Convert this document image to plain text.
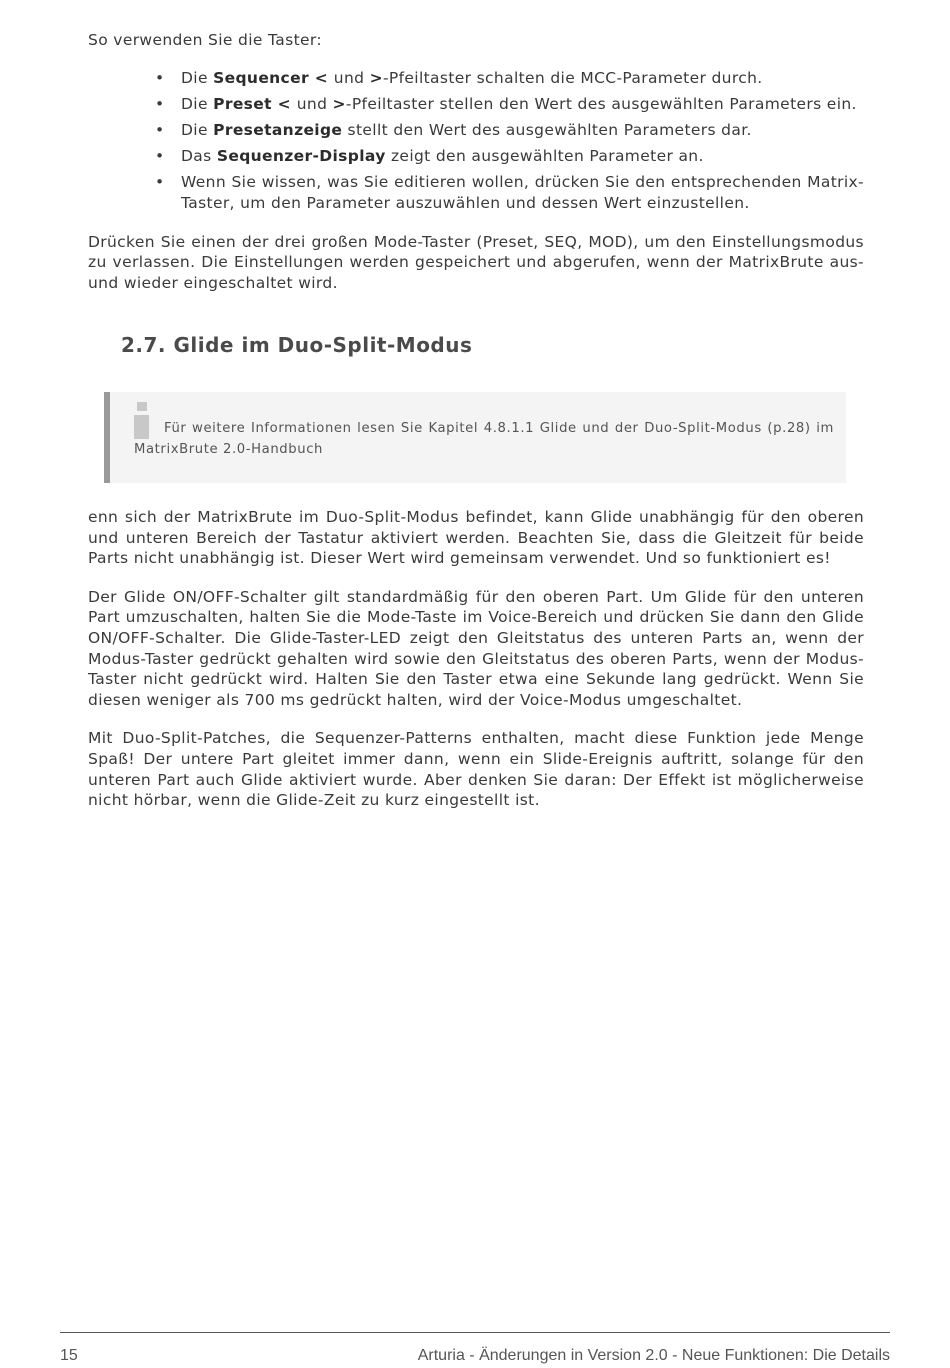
So verwenden Sie die Taster:
• Die Sequencer < und >-Pfeiltaster schalten die MCC-Parameter durch.
• Die Preset < und >-Pfeiltaster stellen den Wert des ausgewählten Parameters ein.
• Die Presetanzeige stellt den Wert des ausgewählten Parameters dar.
• Das Sequenzer-Display zeigt den ausgewählten Parameter an.
• Wenn Sie wissen, was Sie editieren wollen, drücken Sie den entsprechenden Matrix-Taster, um den Parameter auszuwählen und dessen Wert einzustellen.

Drücken Sie einen der drei großen Mode-Taster (Preset, SEQ, MOD), um den Einstellungsmodus zu verlassen. Die Einstellungen werden gespeichert und abgerufen, wenn der MatrixBrute aus- und wieder eingeschaltet wird.

2.7. Glide im Duo-Split-Modus
Für weitere Informationen lesen Sie Kapitel 4.8.1.1 Glide und der Duo-Split-Modus (p.28) im MatrixBrute 2.0-Handbuch

enn sich der MatrixBrute im Duo-Split-Modus befindet, kann Glide unabhängig für den oberen und unteren Bereich der Tastatur aktiviert werden. Beachten Sie, dass die Gleitzeit für beide Parts nicht unabhängig ist. Dieser Wert wird gemeinsam verwendet. Und so funktioniert es!

Der Glide ON/OFF-Schalter gilt standardmäßig für den oberen Part. Um Glide für den unteren Part umzuschalten, halten Sie die Mode-Taste im Voice-Bereich und drücken Sie dann den Glide ON/OFF-Schalter. Die Glide-Taster-LED zeigt den Gleitstatus des unteren Parts an, wenn der Modus-Taster gedrückt gehalten wird sowie den Gleitstatus des oberen Parts, wenn der Modus-Taster nicht gedrückt wird. Halten Sie den Taster etwa eine Sekunde lang gedrückt. Wenn Sie diesen weniger als 700 ms gedrückt halten, wird der Voice-Modus umgeschaltet.

Mit Duo-Split-Patches, die Sequenzer-Patterns enthalten, macht diese Funktion jede Menge Spaß! Der untere Part gleitet immer dann, wenn ein Slide-Ereignis auftritt, solange für den unteren Part auch Glide aktiviert wurde. Aber denken Sie daran: Der Effekt ist möglicherweise nicht hörbar, wenn die Glide-Zeit zu kurz eingestellt ist.

15	Arturia - Änderungen in Version 2.0 - Neue Funktionen: Die Details
